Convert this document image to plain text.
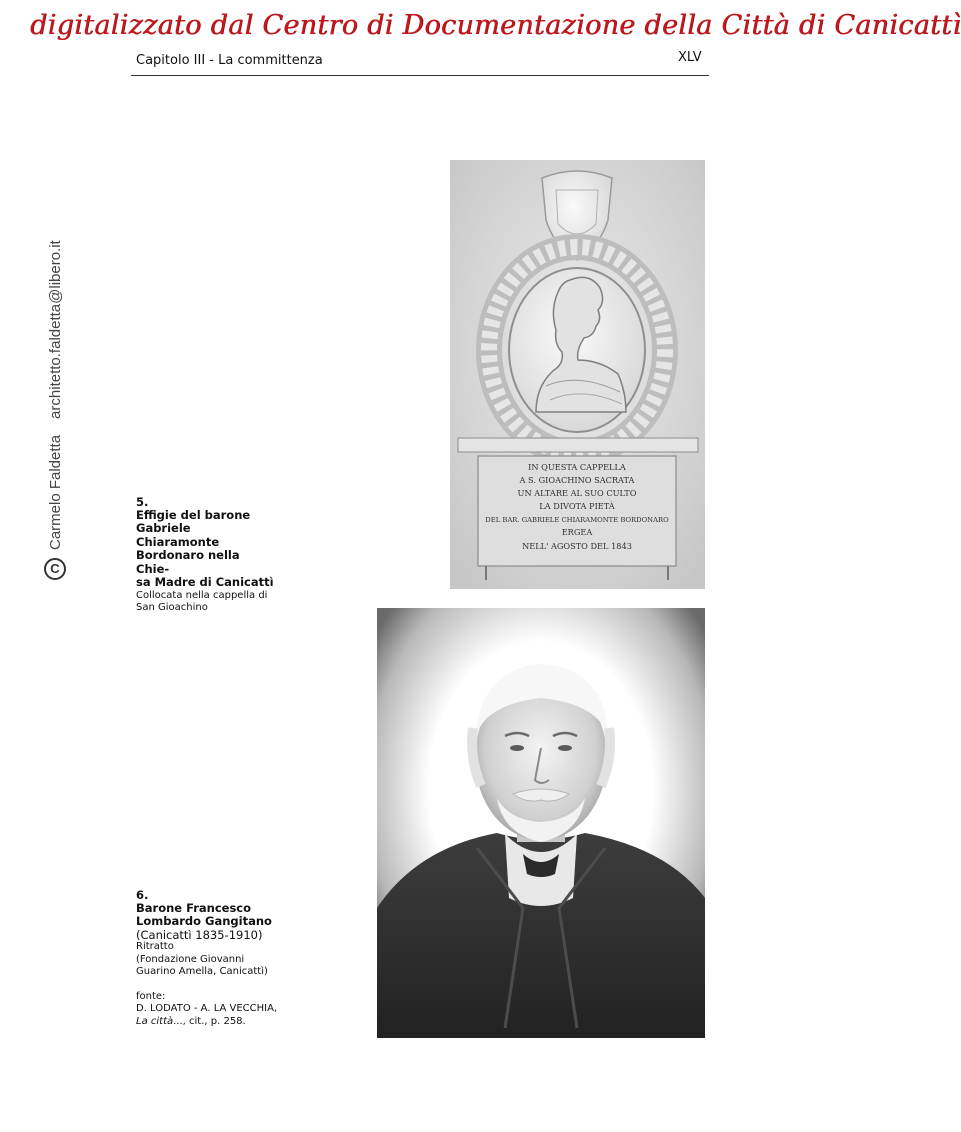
digitalizzato dal Centro di Documentazione della Città di Canicattì
Capitolo III - La committenza	XLV
C
Carmelo Faldetta
architetto.faldetta@libero.it
IN QUESTA CAPPELLA
A S. GIOACHINO SACRATA
UN ALTARE AL SUO CULTO
LA DIVOTA PIETÀ
DEL BAR. GABRIELE CHIARAMONTE BORDONARO
ERGEA
NELL' AGOSTO DEL 1843
5.
Effigie del barone
Gabriele Chiaramonte
Bordonaro nella Chie-
sa Madre di Canicattì
Collocata nella cappella di
San Gioachino
6.
Barone Francesco
Lombardo Gangitano
(Canicattì 1835-1910)
Ritratto
(Fondazione Giovanni
Guarino Amella, Canicattì)
fonte:
D. LODATO - A. LA VECCHIA,
La città..., cit., p. 258.
